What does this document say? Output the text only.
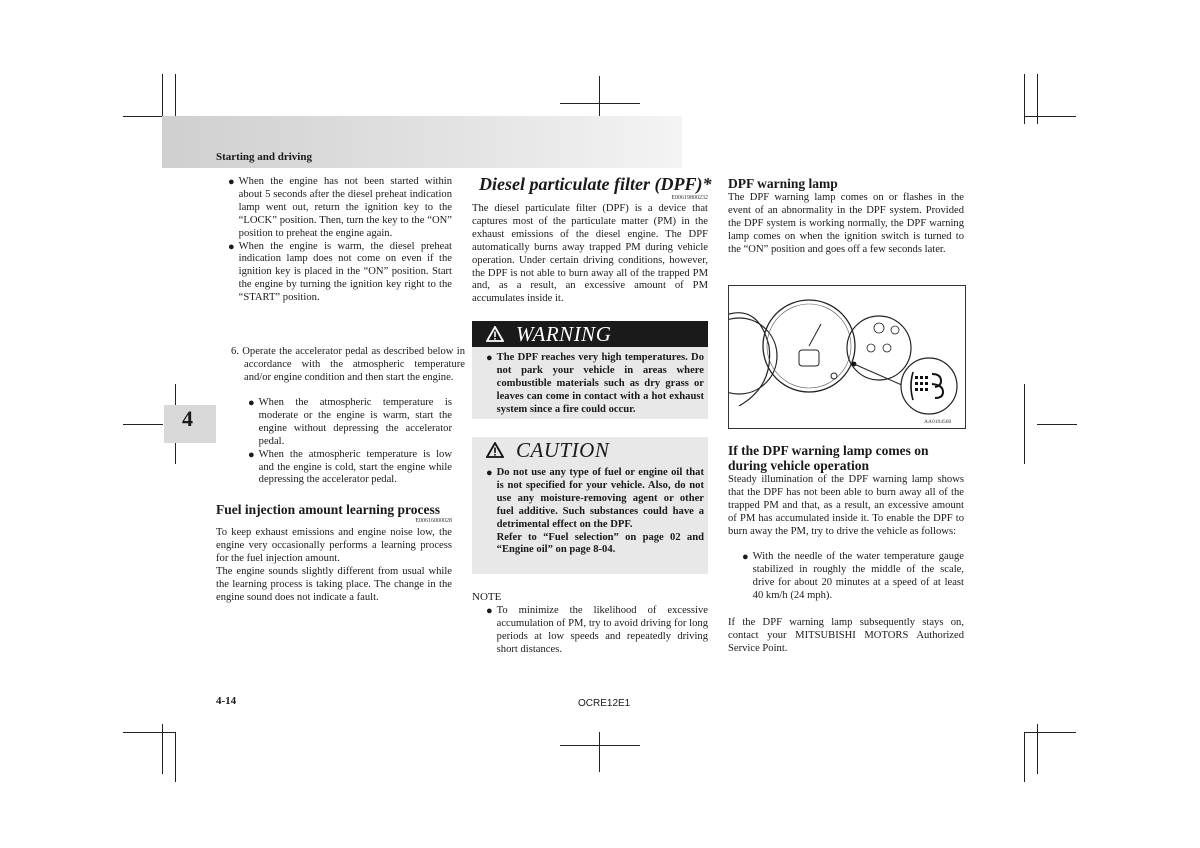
Starting and driving
4
● When the engine has not been started within about 5 seconds after the diesel preheat indication lamp went out, return the ignition key to the “LOCK” position. Then, turn the key to the “ON” position to preheat the engine again.
● When the engine is warm, the diesel preheat indication lamp does not come on even if the ignition key is placed in the “ON” position. Start the engine by turning the ignition key right to the “START” position.
6. Operate the accelerator pedal as described below in accordance with the atmospheric temperature and/or engine condition and then start the engine.
● When the atmospheric temperature is moderate or the engine is warm, start the engine without depressing the accelerator pedal.
● When the atmospheric temperature is low and the engine is cold, start the engine while depressing the accelerator pedal.
Fuel injection amount learning process
E00616000028
To keep exhaust emissions and engine noise low, the engine very occasionally performs a learning process for the fuel injection amount.
The engine sounds slightly different from usual while the learning process is taking place. The change in the engine sound does not indicate a fault.
Diesel particulate filter (DPF)*
E00619800232
The diesel particulate filter (DPF) is a device that captures most of the particulate matter (PM) in the exhaust emissions of the diesel engine. The DPF automatically burns away trapped PM during vehicle operation. Under certain driving conditions, however, the DPF is not able to burn away all of the trapped PM and, as a result, an excessive amount of PM accumulates inside it.
WARNING
● The DPF reaches very high temperatures. Do not park your vehicle in areas where combustible materials such as dry grass or leaves can come in contact with a hot exhaust system since a fire could occur.
CAUTION
● Do not use any type of fuel or engine oil that is not specified for your vehicle. Also, do not use any moisture-removing agent or other fuel additive. Such substances could have a detrimental effect on the DPF.
Refer to “Fuel selection” on page 02 and “Engine oil” on page 8-04.
NOTE
● To minimize the likelihood of excessive accumulation of PM, try to avoid driving for long periods at low speeds and repeatedly driving short distances.
DPF warning lamp
The DPF warning lamp comes on or flashes in the event of an abnormality in the DPF system. Provided the DPF system is working normally, the DPF warning lamp comes on when the ignition switch is turned to the “ON” position and goes off a few seconds later.
AA0104560
If the DPF warning lamp comes on during vehicle operation
Steady illumination of the DPF warning lamp shows that the DPF has not been able to burn away all of the trapped PM and that, as a result, an excessive amount of PM has accumulated inside it. To enable the DPF to burn away the PM, try to drive the vehicle as follows:
● With the needle of the water temperature gauge stabilized in roughly the middle of the scale, drive for about 20 minutes at a speed of at least 40 km/h (24 mph).
If the DPF warning lamp subsequently stays on, contact your MITSUBISHI MOTORS Authorized Service Point.
4-14	OCRE12E1
